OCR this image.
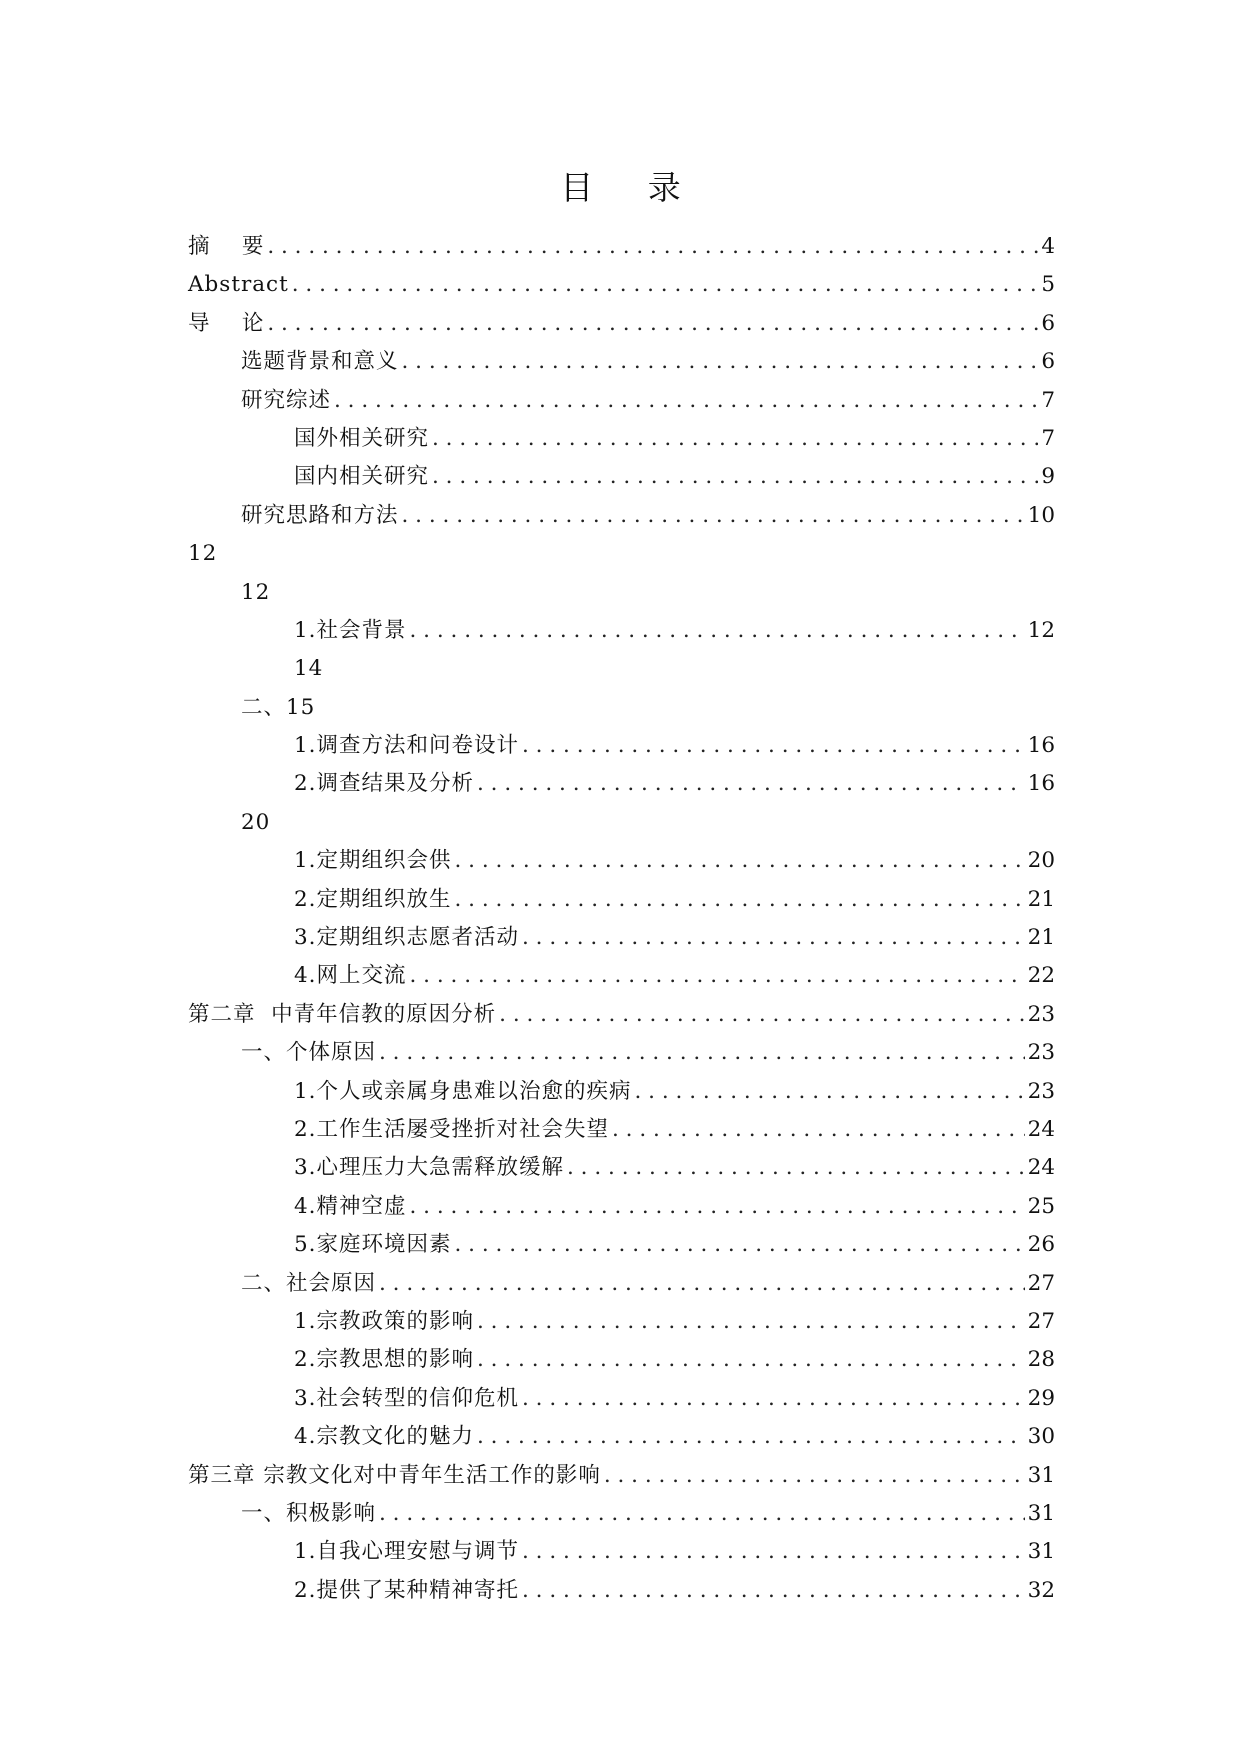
目 录
摘    要 . . .	4
Abstract . . .	5
导    论 . . .	6
选题背景和意义 . . .	6
研究综述 . . .	7
国外相关研究 . . .	7
国内相关研究 . . .	9
研究思路和方法 . . .	10
12
12
1.社会背景 . . .	12
14
二、15
1.调查方法和问卷设计 . . .	16
2.调查结果及分析 . . .	16
20
1.定期组织会供 . . .	20
2.定期组织放生 . . .	21
3.定期组织志愿者活动 . . .	21
4.网上交流 . . .	22
第二章  中青年信教的原因分析 . . .	23
一、个体原因 . . .	23
1.个人或亲属身患难以治愈的疾病 . . .	23
2.工作生活屡受挫折对社会失望 . . .	24
3.心理压力大急需释放缓解 . . .	24
4.精神空虚 . . .	25
5.家庭环境因素 . . .	26
二、社会原因 . . .	27
1.宗教政策的影响 . . .	27
2.宗教思想的影响 . . .	28
3.社会转型的信仰危机 . . .	29
4.宗教文化的魅力 . . .	30
第三章 宗教文化对中青年生活工作的影响 . . .	31
一、积极影响 . . .	31
1.自我心理安慰与调节 . . .	31
2.提供了某种精神寄托 . . .	32
